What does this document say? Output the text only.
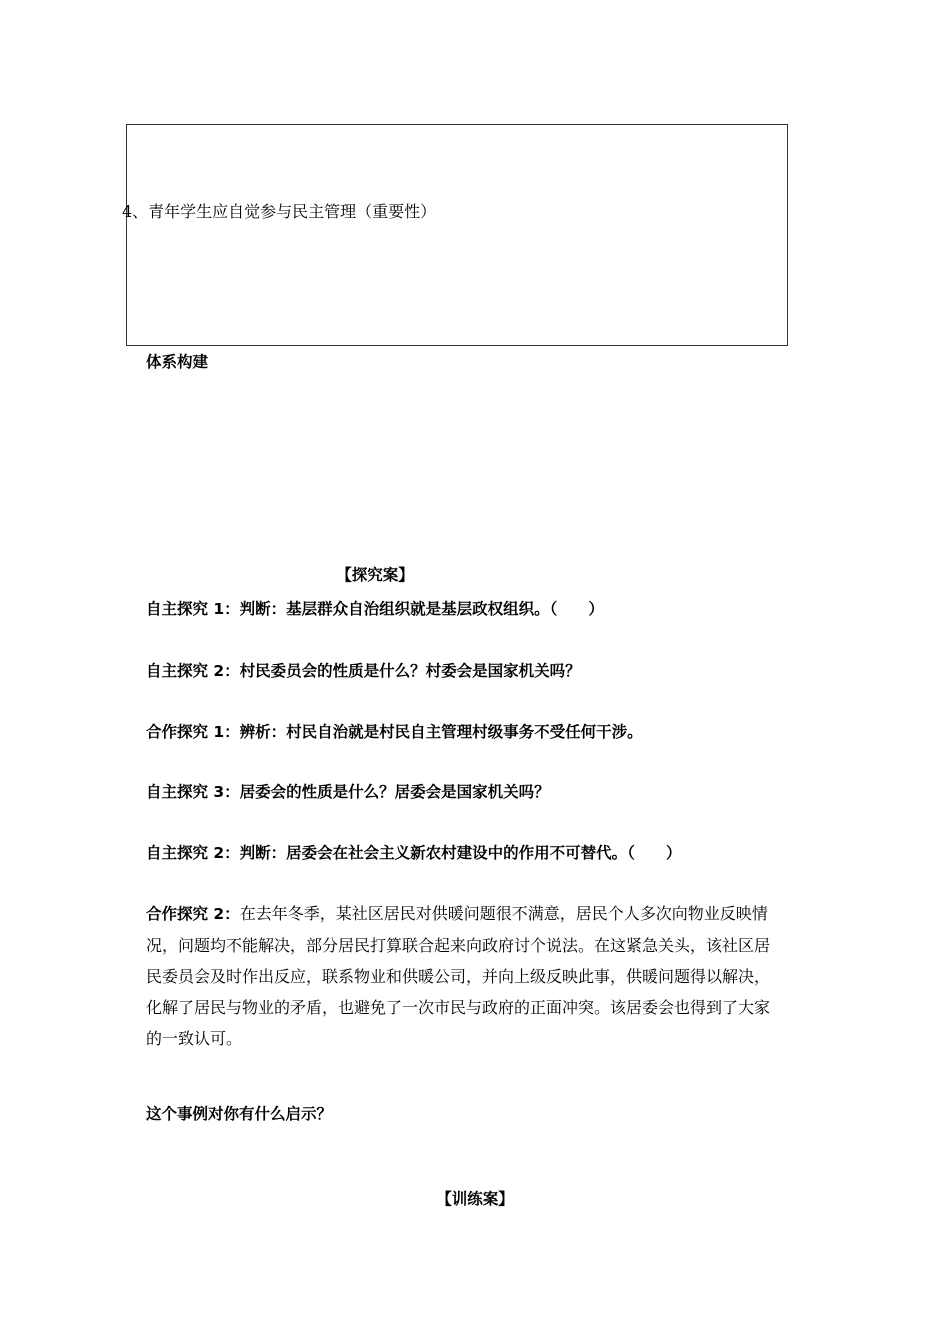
4、青年学生应自觉参与民主管理（重要性）
体系构建
【探究案】
自主探究 1：判断：基层群众自治组织就是基层政权组织。（　　）
自主探究 2：村民委员会的性质是什么？村委会是国家机关吗？
合作探究 1：辨析：村民自治就是村民自主管理村级事务不受任何干涉。
自主探究 3：居委会的性质是什么？居委会是国家机关吗？
自主探究 2：判断：居委会在社会主义新农村建设中的作用不可替代。（　　）
合作探究 2：在去年冬季，某社区居民对供暖问题很不满意，居民个人多次向物业反映情
况，问题均不能解决，部分居民打算联合起来向政府讨个说法。在这紧急关头，该社区居
民委员会及时作出反应，联系物业和供暖公司，并向上级反映此事，供暖问题得以解决，
化解了居民与物业的矛盾，也避免了一次市民与政府的正面冲突。该居委会也得到了大家
的一致认可。
这个事例对你有什么启示？
【训练案】
